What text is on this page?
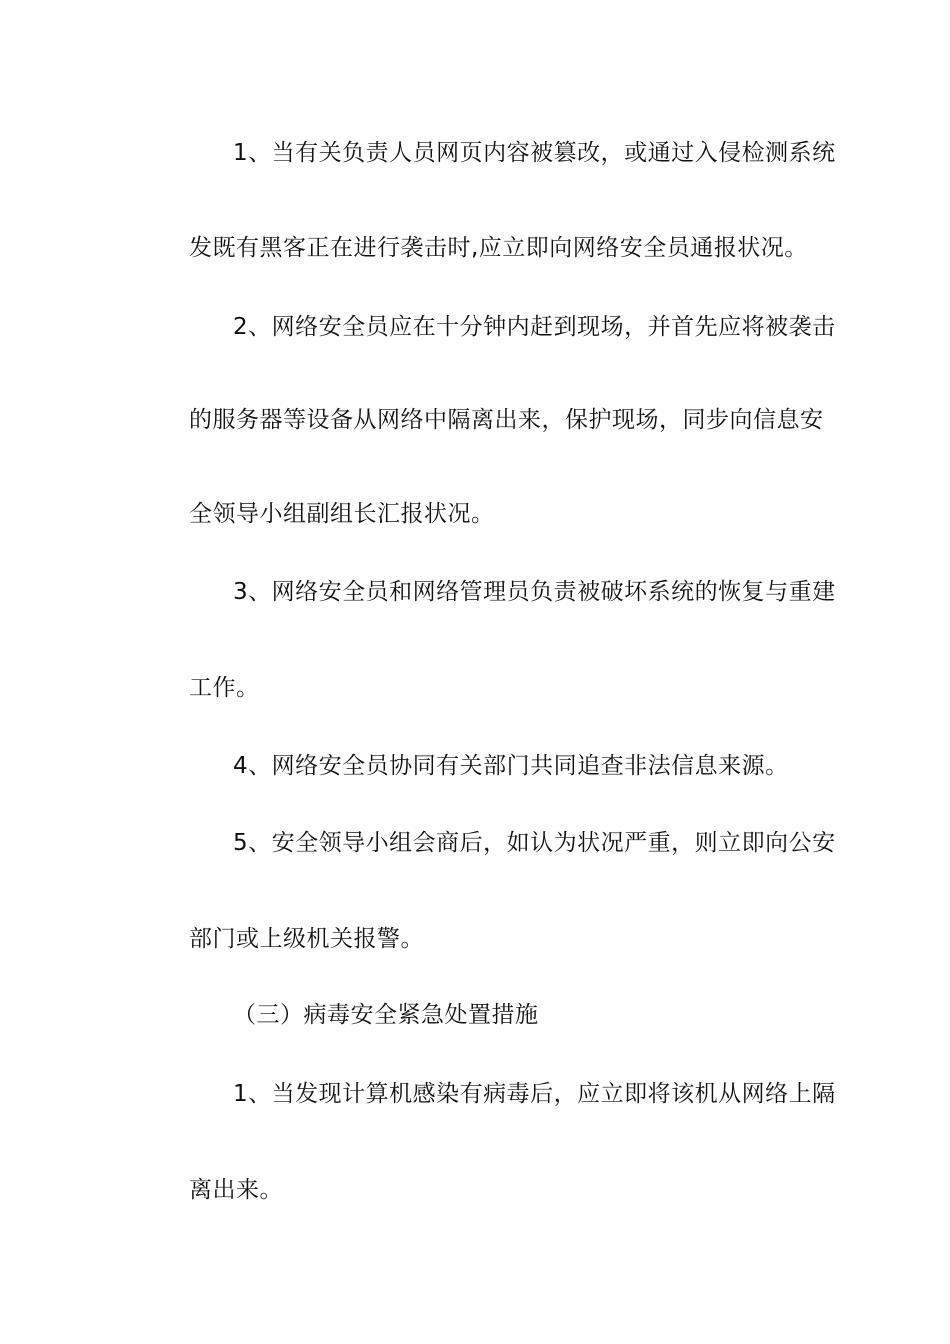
1、当有关负责人员网页内容被篡改，或通过入侵检测系统
发既有黑客正在进行袭击时,应立即向网络安全员通报状况。
2、网络安全员应在十分钟内赶到现场，并首先应将被袭击
的服务器等设备从网络中隔离出来，保护现场，同步向信息安
全领导小组副组长汇报状况。
3、网络安全员和网络管理员负责被破坏系统的恢复与重建
工作。
4、网络安全员协同有关部门共同追查非法信息来源。
5、安全领导小组会商后，如认为状况严重，则立即向公安
部门或上级机关报警。
（三）病毒安全紧急处置措施
1、当发现计算机感染有病毒后，应立即将该机从网络上隔
离出来。
